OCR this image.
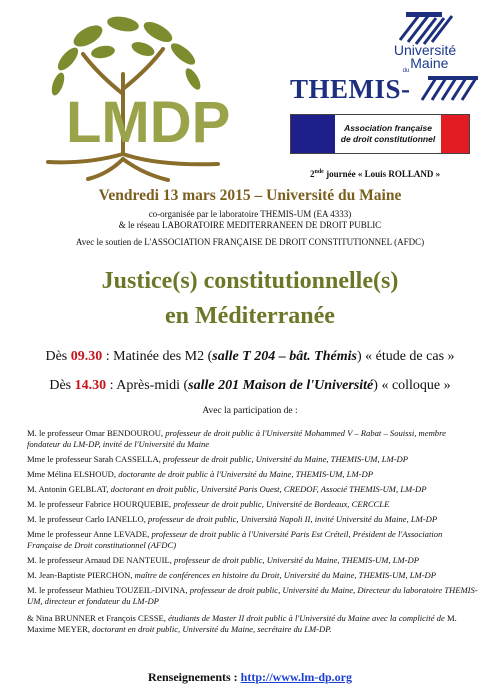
LMDP
Université
$_{du}$Maine
THEMIS-
Association française
de droit constitutionnel
2nde journée « Louis ROLLAND »
Vendredi 13 mars 2015 – Université du Maine
co-organisée par le laboratoire THEMIS-UM (EA 4333)
& le réseau LABORATOIRE MEDITERRANEEN DE DROIT PUBLIC
Avec le soutien de L'ASSOCIATION FRANÇAISE DE DROIT CONSTITUTIONNEL (AFDC)
Justice(s) constitutionnelle(s)
en Méditerranée
Dès 09.30 : Matinée des M2 (salle T 204 – bât. Thémis) « étude de cas »
Dès 14.30 : Après-midi (salle 201 Maison de l'Université) « colloque »
Avec la participation de :
M. le professeur Omar BENDOUROU, professeur de droit public à l'Université Mohammed V – Rabat – Souissi, membre fondateur du LM-DP, invité de l'Université du Maine
Mme le professeur Sarah CASSELLA, professeur de droit public, Université du Maine, THEMIS-UM, LM-DP
Mme Mélina ELSHOUD, doctorante de droit public à l'Université du Maine, THEMIS-UM, LM-DP
M. Antonin GELBLAT, doctorant en droit public, Université Paris Ouest, CREDOF, Associé THEMIS-UM, LM-DP
M. le professeur Fabrice HOURQUEBIE, professeur de droit public, Université de Bordeaux, CERCCLE
M. le professeur Carlo IANELLO, professeur de droit public, Università Napoli II, invité Université du Maine, LM-DP
Mme le professeur Anne LEVADE, professeur de droit public à l'Université Paris Est Créteil, Président de l'Association Française de Droit constitutionnel (AFDC)
M. le professeur Arnaud DE NANTEUIL, professeur de droit public, Université du Maine, THEMIS-UM, LM-DP
M. Jean-Baptiste PIERCHON, maître de conférences en histoire du Droit, Université du Maine, THEMIS-UM, LM-DP
M. le professeur Mathieu TOUZEIL-DIVINA, professeur de droit public, Université du Maine, Directeur du laboratoire THEMIS-UM, directeur et fondateur du LM-DP
& Nina BRUNNER et François CESSE, étudiants de Master II droit public à l'Université du Maine avec la complicité de M. Maxime MEYER, doctorant en droit public, Université du Maine, secrétaire du LM-DP.
Renseignements : http://www.lm-dp.org
